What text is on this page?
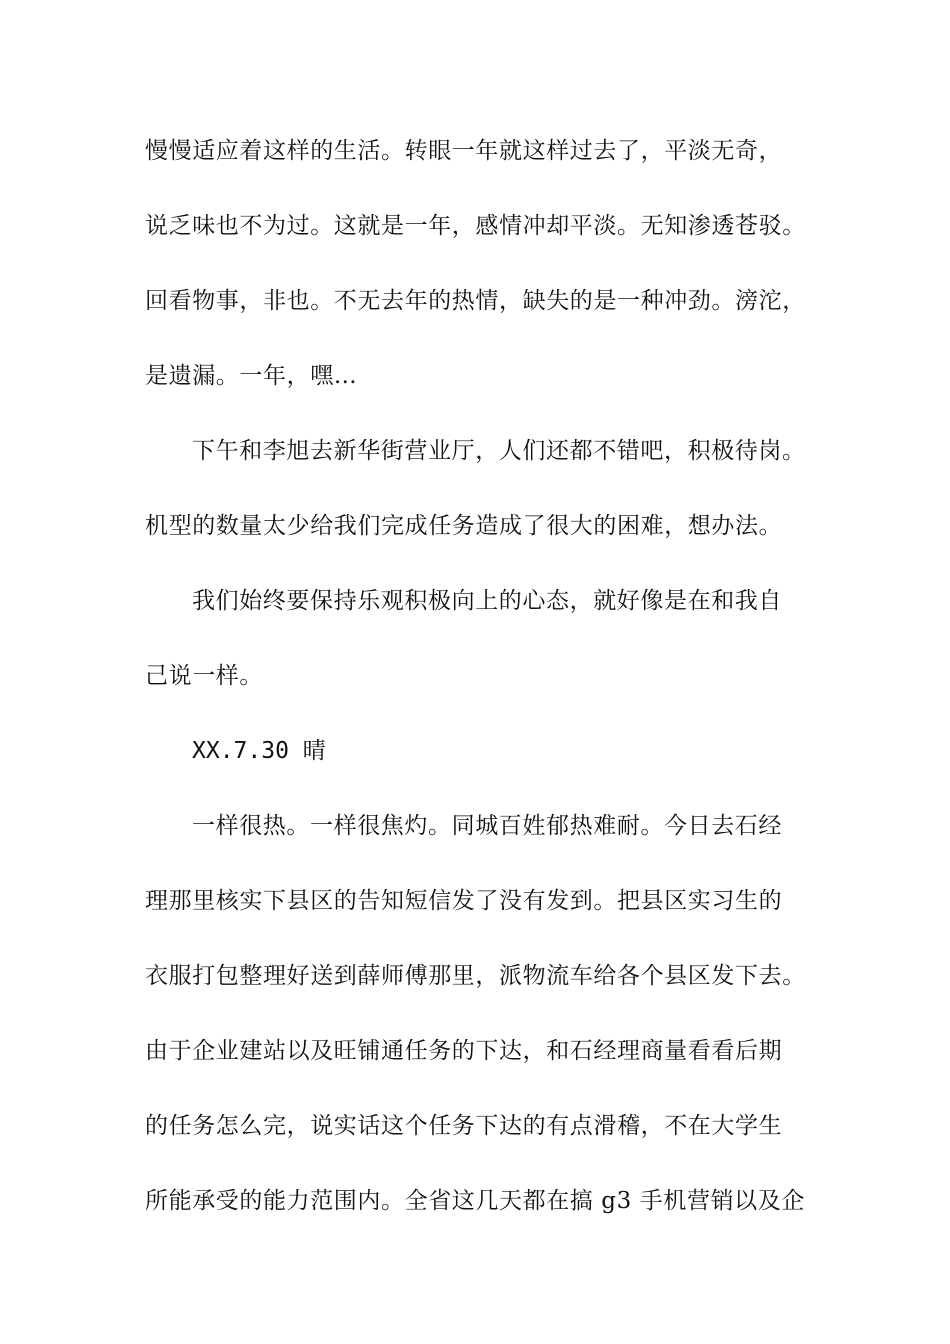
慢慢适应着这样的生活。转眼一年就这样过去了，平淡无奇，
说乏味也不为过。这就是一年，感情冲却平淡。无知渗透苍驳。
回看物事，非也。不无去年的热情，缺失的是一种冲劲。滂沱，
是遗漏。一年，嘿…
下午和李旭去新华街营业厅，人们还都不错吧，积极待岗。
机型的数量太少给我们完成任务造成了很大的困难，想办法。
我们始终要保持乐观积极向上的心态，就好像是在和我自
己说一样。
XX.7.30 晴
一样很热。一样很焦灼。同城百姓郁热难耐。今日去石经
理那里核实下县区的告知短信发了没有发到。把县区实习生的
衣服打包整理好送到薛师傅那里，派物流车给各个县区发下去。
由于企业建站以及旺铺通任务的下达，和石经理商量看看后期
的任务怎么完，说实话这个任务下达的有点滑稽，不在大学生
所能承受的能力范围内。全省这几天都在搞 g3 手机营销以及企
